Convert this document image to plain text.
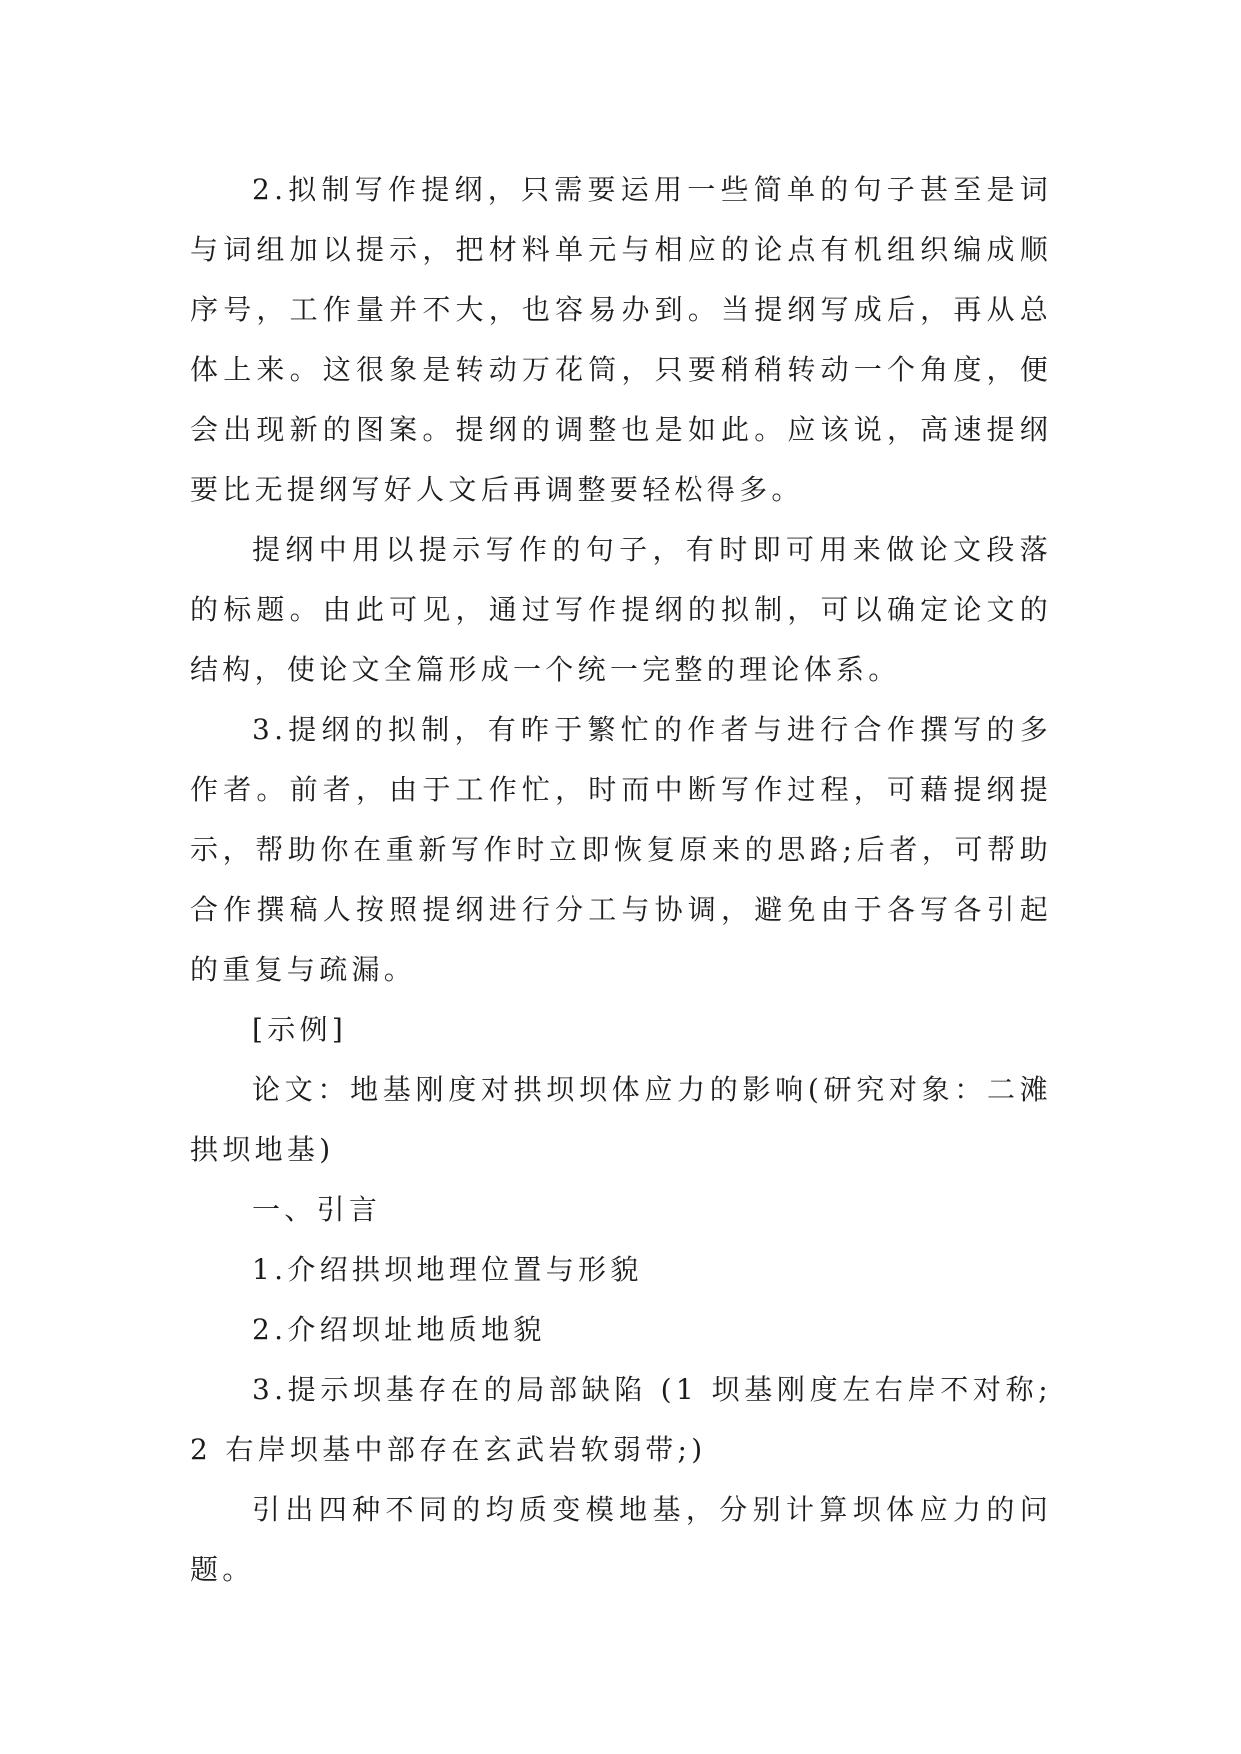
2.拟制写作提纲，只需要运用一些简单的句子甚至是词与词组加以提示，把材料单元与相应的论点有机组织编成顺序号，工作量并不大，也容易办到。当提纲写成后，再从总体上来。这很象是转动万花筒，只要稍稍转动一个角度，便会出现新的图案。提纲的调整也是如此。应该说，高速提纲要比无提纲写好人文后再调整要轻松得多。

提纲中用以提示写作的句子，有时即可用来做论文段落的标题。由此可见，通过写作提纲的拟制，可以确定论文的结构，使论文全篇形成一个统一完整的理论体系。

3.提纲的拟制，有昨于繁忙的作者与进行合作撰写的多作者。前者，由于工作忙，时而中断写作过程，可藉提纲提示，帮助你在重新写作时立即恢复原来的思路;后者，可帮助合作撰稿人按照提纲进行分工与协调，避免由于各写各引起的重复与疏漏。

[示例]

论文：地基刚度对拱坝坝体应力的影响(研究对象：二滩拱坝地基)

一、引言

1.介绍拱坝地理位置与形貌

2.介绍坝址地质地貌

3.提示坝基存在的局部缺陷 (1 坝基刚度左右岸不对称;2 右岸坝基中部存在玄武岩软弱带;)

引出四种不同的均质变模地基，分别计算坝体应力的问题。
